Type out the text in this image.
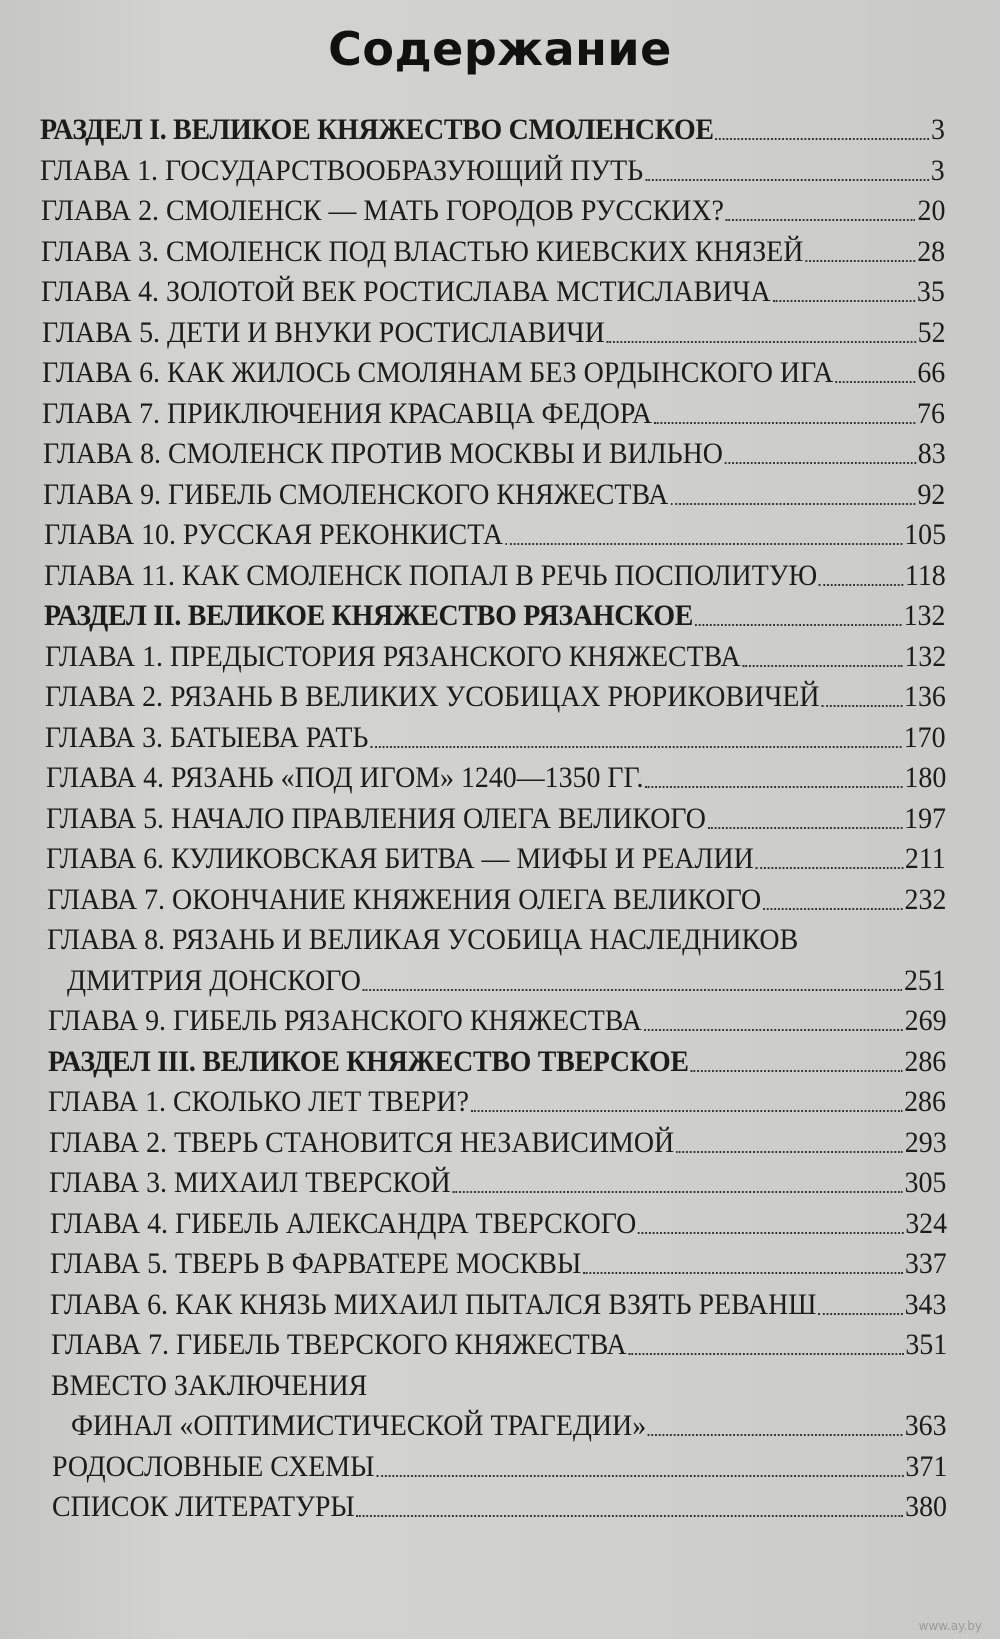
Содержание
РАЗДЕЛ I. ВЕЛИКОЕ КНЯЖЕСТВО СМОЛЕНСКОЕ	3
ГЛАВА 1. ГОСУДАРСТВООБРАЗУЮЩИЙ ПУТЬ	3
ГЛАВА 2. СМОЛЕНСК — МАТЬ ГОРОДОВ РУССКИХ?	20
ГЛАВА 3. СМОЛЕНСК ПОД ВЛАСТЬЮ КИЕВСКИХ КНЯЗЕЙ	28
ГЛАВА 4. ЗОЛОТОЙ ВЕК РОСТИСЛАВА МСТИСЛАВИЧА	35
ГЛАВА 5. ДЕТИ И ВНУКИ РОСТИСЛАВИЧИ	52
ГЛАВА 6. КАК ЖИЛОСЬ СМОЛЯНАМ БЕЗ ОРДЫНСКОГО ИГА	66
ГЛАВА 7. ПРИКЛЮЧЕНИЯ КРАСАВЦА ФЕДОРА	76
ГЛАВА 8. СМОЛЕНСК ПРОТИВ МОСКВЫ И ВИЛЬНО	83
ГЛАВА 9. ГИБЕЛЬ СМОЛЕНСКОГО КНЯЖЕСТВА	92
ГЛАВА 10. РУССКАЯ РЕКОНКИСТА	105
ГЛАВА 11. КАК СМОЛЕНСК ПОПАЛ В РЕЧЬ ПОСПОЛИТУЮ	118
РАЗДЕЛ II. ВЕЛИКОЕ КНЯЖЕСТВО РЯЗАНСКОЕ	132
ГЛАВА 1. ПРЕДЫСТОРИЯ РЯЗАНСКОГО КНЯЖЕСТВА	132
ГЛАВА 2. РЯЗАНЬ В ВЕЛИКИХ УСОБИЦАХ РЮРИКОВИЧЕЙ	136
ГЛАВА 3. БАТЫЕВА РАТЬ	170
ГЛАВА 4. РЯЗАНЬ «ПОД ИГОМ» 1240—1350 ГГ.	180
ГЛАВА 5. НАЧАЛО ПРАВЛЕНИЯ ОЛЕГА ВЕЛИКОГО	197
ГЛАВА 6. КУЛИКОВСКАЯ БИТВА — МИФЫ И РЕАЛИИ	211
ГЛАВА 7. ОКОНЧАНИЕ КНЯЖЕНИЯ ОЛЕГА ВЕЛИКОГО	232
ГЛАВА 8. РЯЗАНЬ И ВЕЛИКАЯ УСОБИЦА НАСЛЕДНИКОВ
ДМИТРИЯ ДОНСКОГО	251
ГЛАВА 9. ГИБЕЛЬ РЯЗАНСКОГО КНЯЖЕСТВА	269
РАЗДЕЛ III. ВЕЛИКОЕ КНЯЖЕСТВО ТВЕРСКОЕ	286
ГЛАВА 1. СКОЛЬКО ЛЕТ ТВЕРИ?	286
ГЛАВА 2. ТВЕРЬ СТАНОВИТСЯ НЕЗАВИСИМОЙ	293
ГЛАВА 3. МИХАИЛ ТВЕРСКОЙ	305
ГЛАВА 4. ГИБЕЛЬ АЛЕКСАНДРА ТВЕРСКОГО	324
ГЛАВА 5. ТВЕРЬ В ФАРВАТЕРЕ МОСКВЫ	337
ГЛАВА 6. КАК КНЯЗЬ МИХАИЛ ПЫТАЛСЯ ВЗЯТЬ РЕВАНШ	343
ГЛАВА 7. ГИБЕЛЬ ТВЕРСКОГО КНЯЖЕСТВА	351
ВМЕСТО ЗАКЛЮЧЕНИЯ
ФИНАЛ «ОПТИМИСТИЧЕСКОЙ ТРАГЕДИИ»	363
РОДОСЛОВНЫЕ СХЕМЫ	371
СПИСОК ЛИТЕРАТУРЫ	380
www.ay.by
